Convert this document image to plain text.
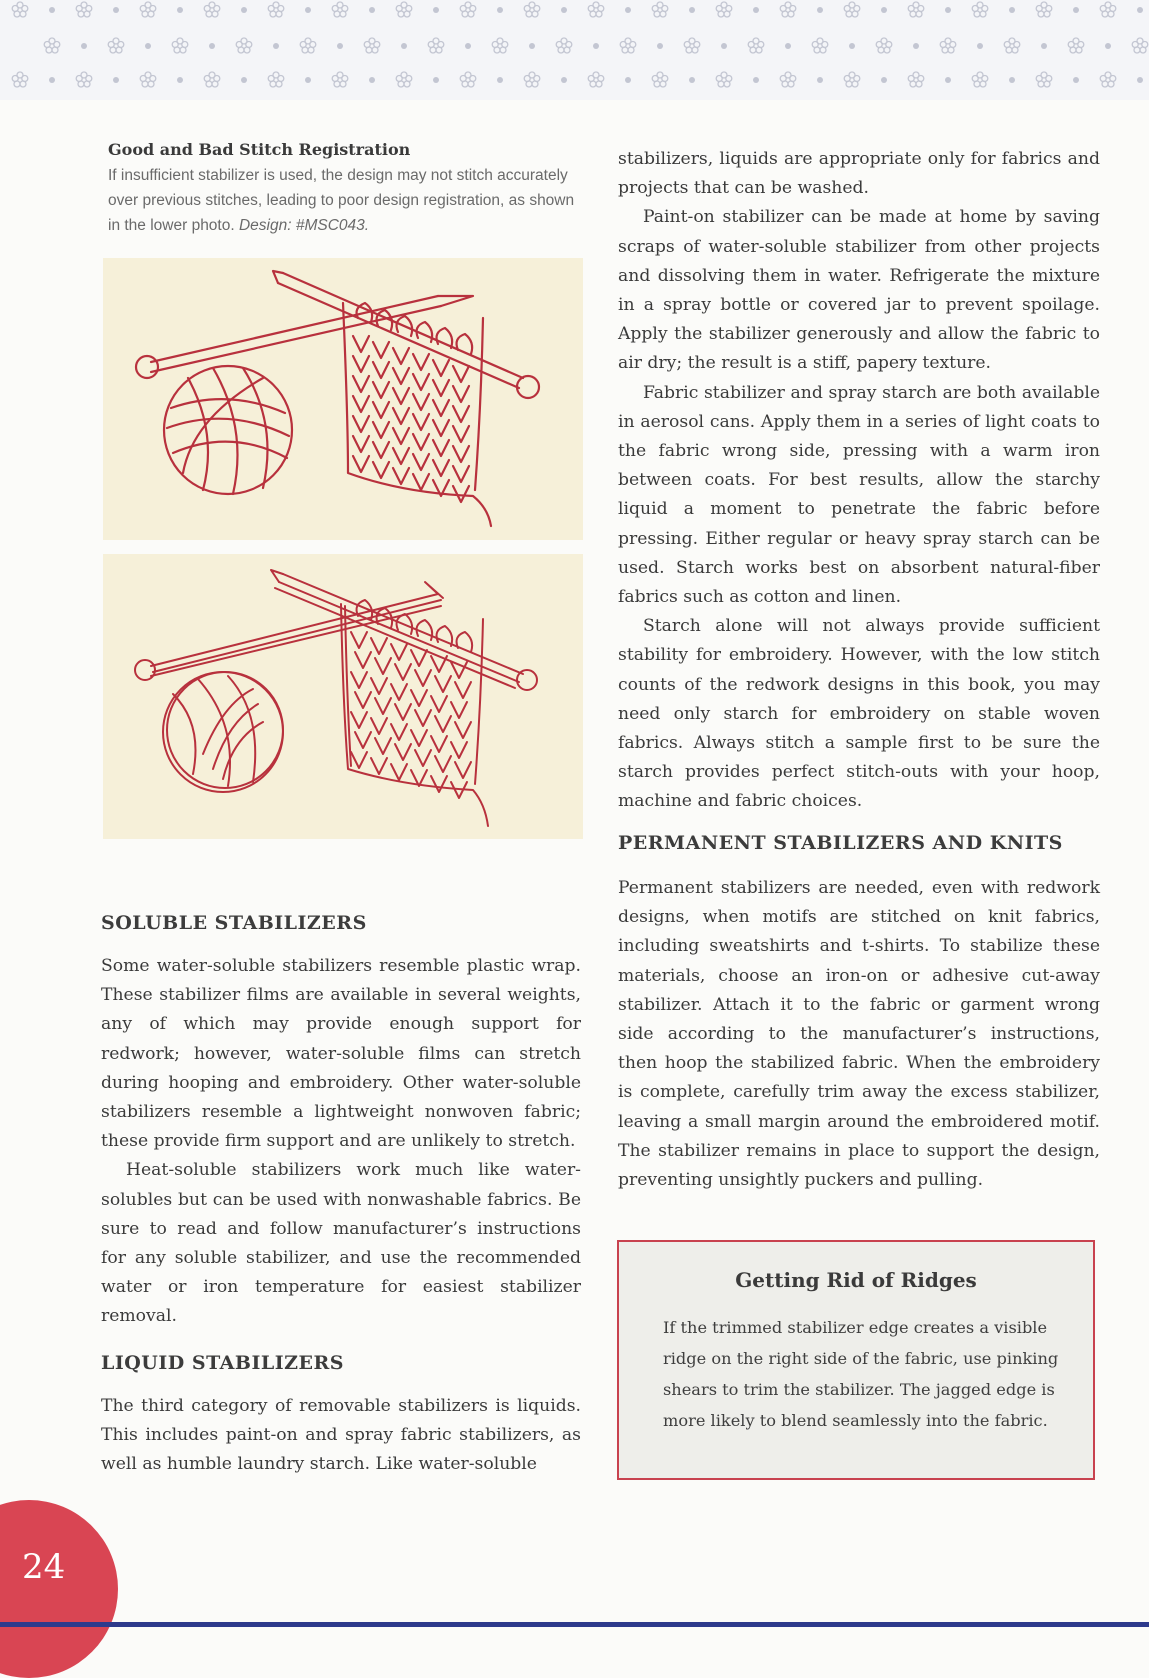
Good and Bad Stitch Registration

If insufficient stabilizer is used, the design may not stitch accurately over previous stitches, leading to poor design registration, as shown in the lower photo. Design: #MSC043.

SOLUBLE STABILIZERS

Some water-soluble stabilizers resemble plastic wrap. These stabilizer films are available in several weights, any of which may provide enough support for redwork; however, water-soluble films can stretch during hooping and embroidery. Other water-soluble stabilizers resemble a lightweight nonwoven fabric; these provide firm support and are unlikely to stretch.

Heat-soluble stabilizers work much like water-solubles but can be used with nonwashable fabrics. Be sure to read and follow manufacturer’s instructions for any soluble stabilizer, and use the recommended water or iron temperature for easiest stabilizer removal.

LIQUID STABILIZERS

The third category of removable stabilizers is liquids. This includes paint-on and spray fabric stabilizers, as well as humble laundry starch. Like water-soluble

stabilizers, liquids are appropriate only for fabrics and projects that can be washed.

Paint-on stabilizer can be made at home by saving scraps of water-soluble stabilizer from other projects and dissolving them in water. Refrigerate the mixture in a spray bottle or covered jar to prevent spoilage. Apply the stabilizer generously and allow the fabric to air dry; the result is a stiff, papery texture.

Fabric stabilizer and spray starch are both available in aerosol cans. Apply them in a series of light coats to the fabric wrong side, pressing with a warm iron between coats. For best results, allow the starchy liquid a moment to penetrate the fabric before pressing. Either regular or heavy spray starch can be used. Starch works best on absorbent natural-fiber fabrics such as cotton and linen.

Starch alone will not always provide sufficient stability for embroidery. However, with the low stitch counts of the redwork designs in this book, you may need only starch for embroidery on stable woven fabrics. Always stitch a sample first to be sure the starch provides perfect stitch-outs with your hoop, machine and fabric choices.

PERMANENT STABILIZERS AND KNITS

Permanent stabilizers are needed, even with redwork designs, when motifs are stitched on knit fabrics, including sweatshirts and t-shirts. To stabilize these materials, choose an iron-on or adhesive cut-away stabilizer. Attach it to the fabric or garment wrong side according to the manufacturer’s instructions, then hoop the stabilized fabric. When the embroidery is complete, carefully trim away the excess stabilizer, leaving a small margin around the embroidered motif. The stabilizer remains in place to support the design, preventing unsightly puckers and pulling.

Getting Rid of Ridges

If the trimmed stabilizer edge creates a visible ridge on the right side of the fabric, use pinking shears to trim the stabilizer. The jagged edge is more likely to blend seamlessly into the fabric.

24
